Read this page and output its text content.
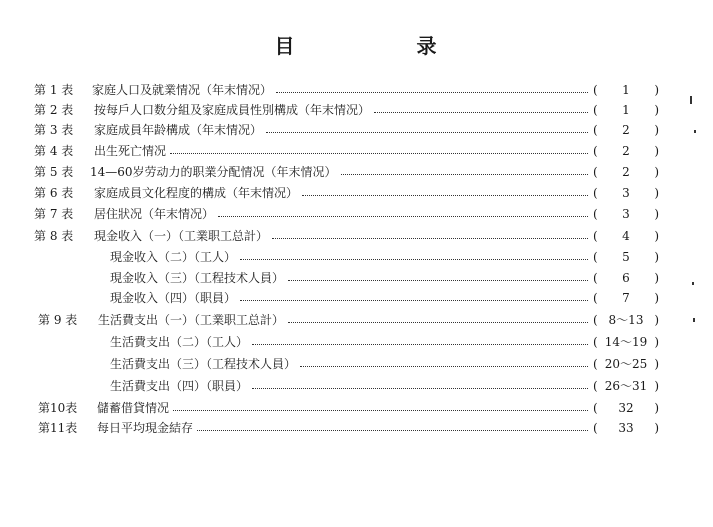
目	录
第 1 表	家庭人口及就業情况（年末情况）	( 1 )
第 2 表	按每戶人口数分組及家庭成員性別構成（年末情况）	( 1 )
第 3 表	家庭成員年龄構成（年末情况）	( 2 )
第 4 表	出生死亡情况	( 2 )
第 5 表	14—60岁劳动力的职業分配情况（年末情况）	( 2 )
第 6 表	家庭成員文化程度的構成（年末情况）	( 3 )
第 7 表	居住狀况（年末情况）	( 3 )
第 8 表	現金收入（一）（工業职工总計）	( 4 )
現金收入（二）（工人）	( 5 )
現金收入（三）（工程技术人員）	( 6 )
現金收入（四）（职員）	( 7 )
第 9 表	生活費支出（一）（工業职工总計）	( 8～13 )
生活費支出（二）（工人）	( 14～19 )
生活費支出（三）（工程技术人員）	( 20～25 )
生活費支出（四）（职員）	( 26～31 )
第10表	儲蓄借貸情况	( 32 )
第11表	每日平均現金結存	( 33 )
